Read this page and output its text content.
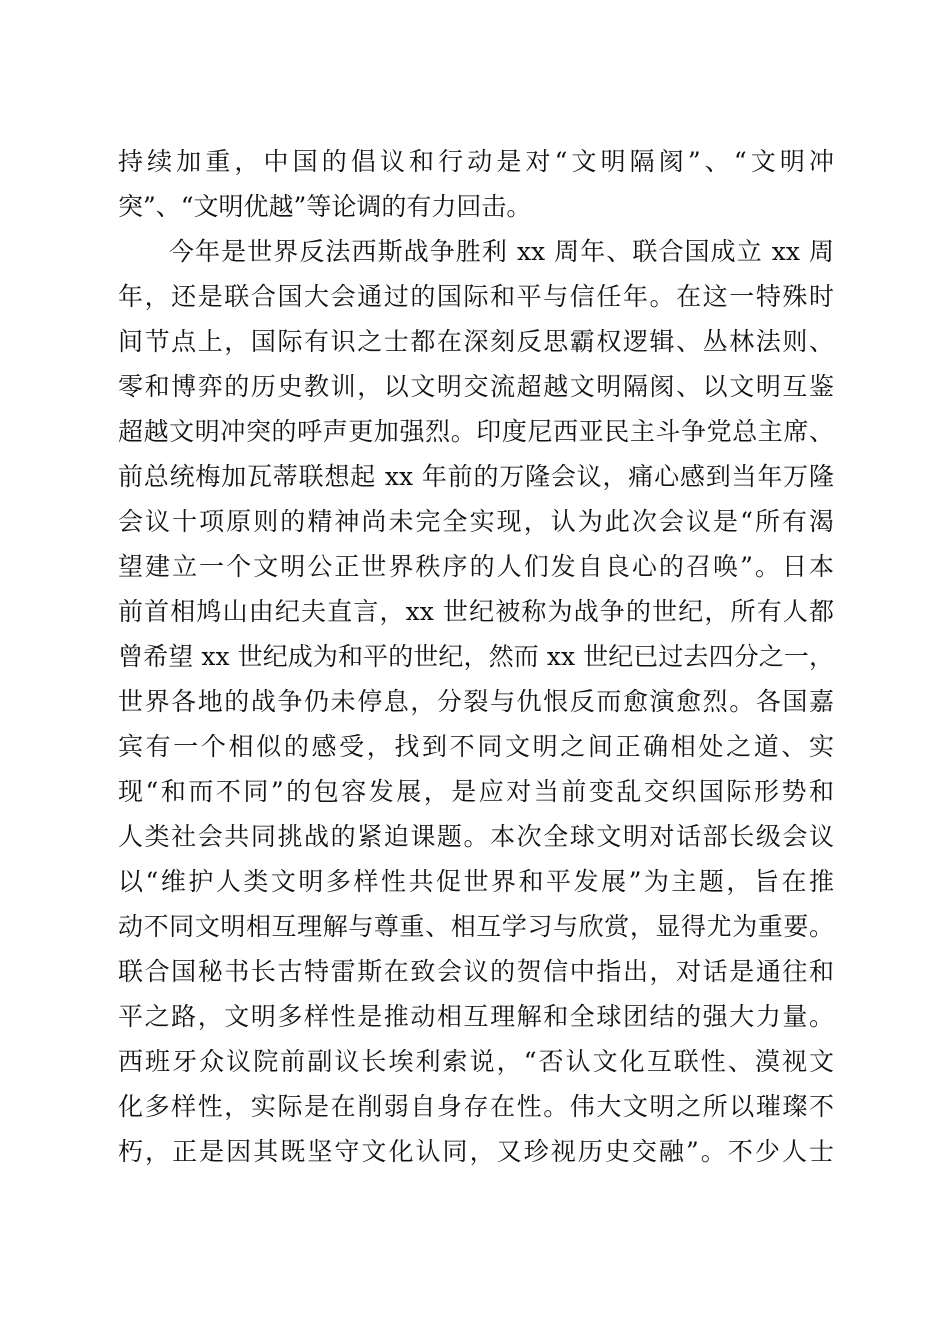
持续加重，中国的倡议和行动是对“文明隔阂”、“文明冲
突”、“文明优越”等论调的有力回击。
今年是世界反法西斯战争胜利 xx 周年、联合国成立 xx 周
年，还是联合国大会通过的国际和平与信任年。在这一特殊时
间节点上，国际有识之士都在深刻反思霸权逻辑、丛林法则、
零和博弈的历史教训，以文明交流超越文明隔阂、以文明互鉴
超越文明冲突的呼声更加强烈。印度尼西亚民主斗争党总主席、
前总统梅加瓦蒂联想起 xx 年前的万隆会议，痛心感到当年万隆
会议十项原则的精神尚未完全实现，认为此次会议是“所有渴
望建立一个文明公正世界秩序的人们发自良心的召唤”。日本
前首相鸠山由纪夫直言，xx 世纪被称为战争的世纪，所有人都
曾希望 xx 世纪成为和平的世纪，然而 xx 世纪已过去四分之一，
世界各地的战争仍未停息，分裂与仇恨反而愈演愈烈。各国嘉
宾有一个相似的感受，找到不同文明之间正确相处之道、实
现“和而不同”的包容发展，是应对当前变乱交织国际形势和
人类社会共同挑战的紧迫课题。本次全球文明对话部长级会议
以“维护人类文明多样性共促世界和平发展”为主题，旨在推
动不同文明相互理解与尊重、相互学习与欣赏，显得尤为重要。
联合国秘书长古特雷斯在致会议的贺信中指出，对话是通往和
平之路，文明多样性是推动相互理解和全球团结的强大力量。
西班牙众议院前副议长埃利索说，“否认文化互联性、漠视文
化多样性，实际是在削弱自身存在性。伟大文明之所以璀璨不
朽，正是因其既坚守文化认同，又珍视历史交融”。不少人士
